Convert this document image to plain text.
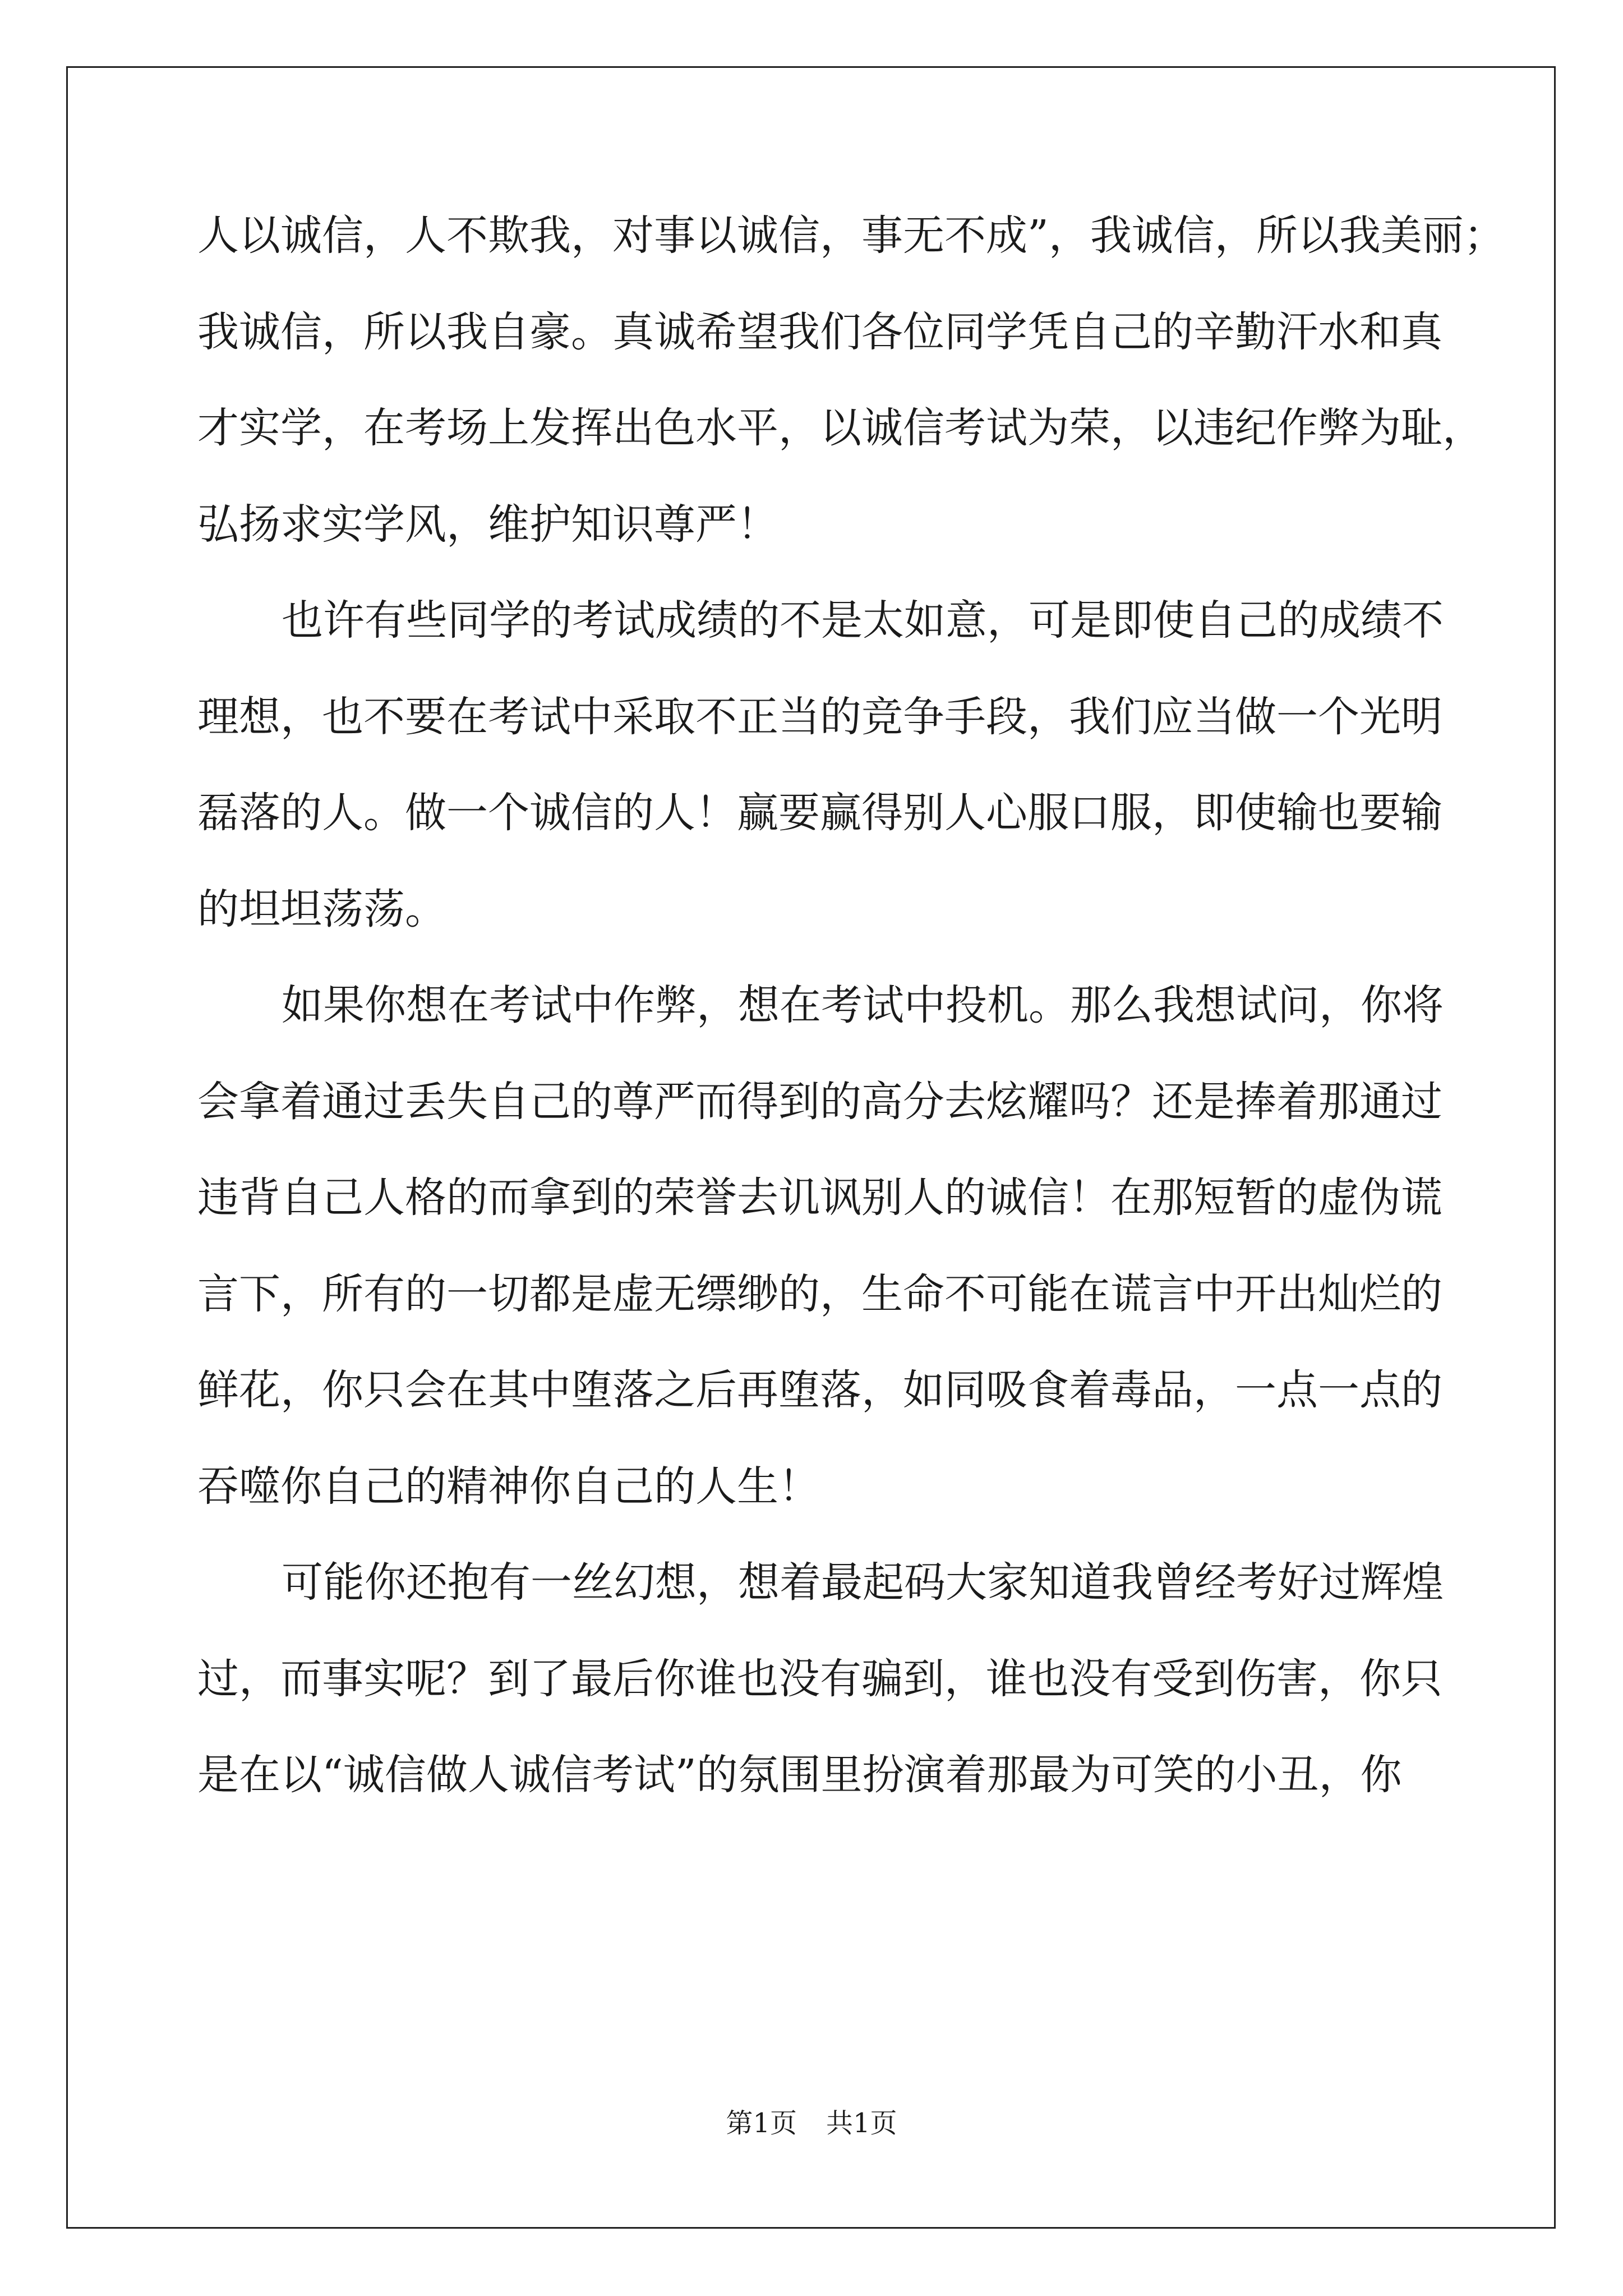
人以诚信，人不欺我，对事以诚信，事无不成”，我诚信，所以我美丽；
我诚信，所以我自豪。真诚希望我们各位同学凭自己的辛勤汗水和真
才实学，在考场上发挥出色水平，以诚信考试为荣，以违纪作弊为耻，
弘扬求实学风，维护知识尊严！
也许有些同学的考试成绩的不是太如意，可是即使自己的成绩不
理想，也不要在考试中采取不正当的竞争手段，我们应当做一个光明
磊落的人。做一个诚信的人！赢要赢得别人心服口服，即使输也要输
的坦坦荡荡。
如果你想在考试中作弊，想在考试中投机。那么我想试问，你将
会拿着通过丢失自己的尊严而得到的高分去炫耀吗？还是捧着那通过
违背自己人格的而拿到的荣誉去讥讽别人的诚信！在那短暂的虚伪谎
言下，所有的一切都是虚无缥缈的，生命不可能在谎言中开出灿烂的
鲜花，你只会在其中堕落之后再堕落，如同吸食着毒品，一点一点的
吞噬你自己的精神你自己的人生！
可能你还抱有一丝幻想，想着最起码大家知道我曾经考好过辉煌
过，而事实呢？到了最后你谁也没有骗到，谁也没有受到伤害，你只
是在以“诚信做人诚信考试”的氛围里扮演着那最为可笑的小丑，你
第1页 共1页
